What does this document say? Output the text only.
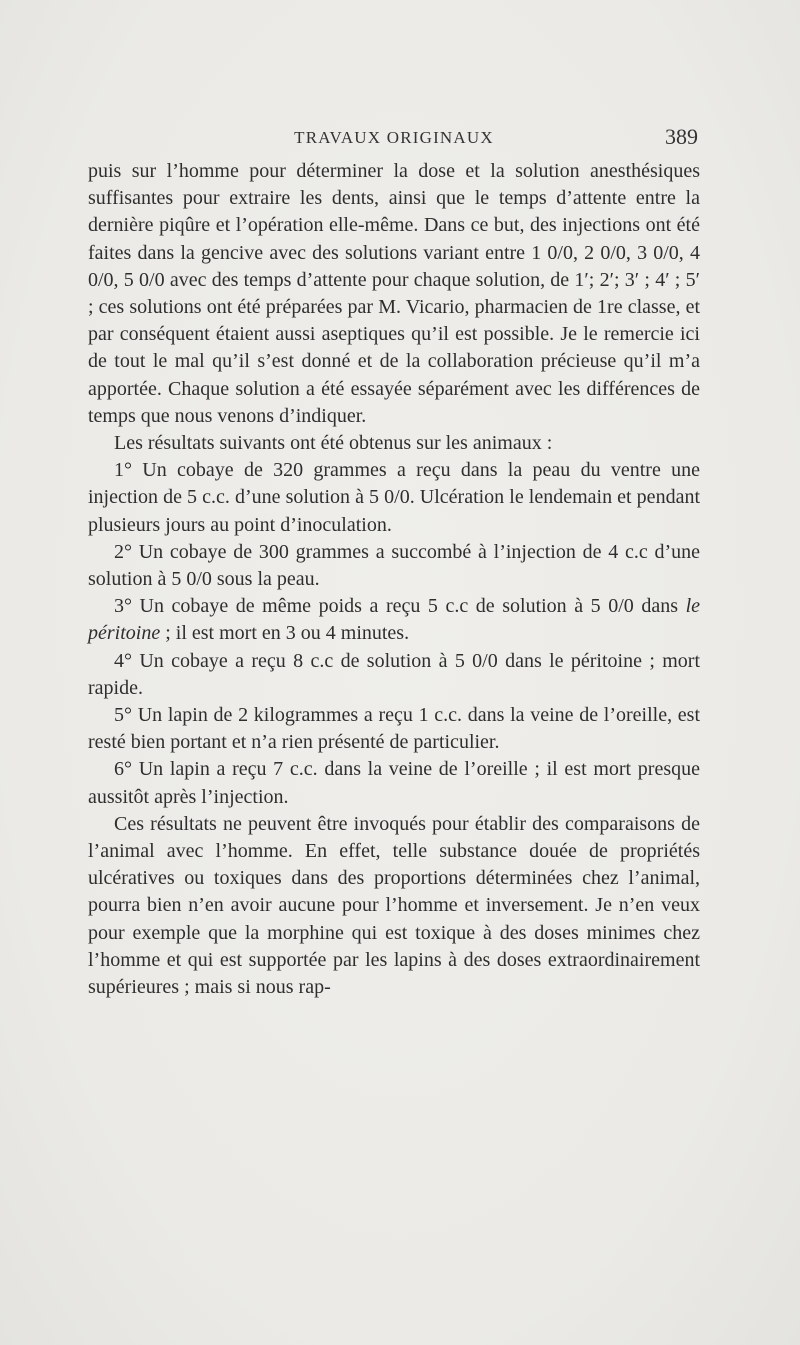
TRAVAUX ORIGINAUX	389

puis sur l’homme pour déterminer la dose et la solution anesthésiques suffisantes pour extraire les dents, ainsi que le temps d’attente entre la dernière piqûre et l’opération elle-même. Dans ce but, des injections ont été faites dans la gencive avec des solutions variant entre 1 0/0, 2 0/0, 3 0/0, 4 0/0, 5 0/0 avec des temps d’attente pour chaque solution, de 1′; 2′; 3′ ; 4′ ; 5′ ; ces solutions ont été préparées par M. Vicario, pharmacien de 1re classe, et par conséquent étaient aussi aseptiques qu’il est possible. Je le remercie ici de tout le mal qu’il s’est donné et de la collaboration précieuse qu’il m’a apportée. Chaque solution a été essayée séparément avec les différences de temps que nous venons d’indiquer.

Les résultats suivants ont été obtenus sur les animaux :

1° Un cobaye de 320 grammes a reçu dans la peau du ventre une injection de 5 c.c. d’une solution à 5 0/0. Ulcération le lendemain et pendant plusieurs jours au point d’inoculation.

2° Un cobaye de 300 grammes a succombé à l’injection de 4 c.c d’une solution à 5 0/0 sous la peau.

3° Un cobaye de même poids a reçu 5 c.c de solution à 5 0/0 dans le péritoine ; il est mort en 3 ou 4 minutes.

4° Un cobaye a reçu 8 c.c de solution à 5 0/0 dans le péritoine ; mort rapide.

5° Un lapin de 2 kilogrammes a reçu 1 c.c. dans la veine de l’oreille, est resté bien portant et n’a rien présenté de particulier.

6° Un lapin a reçu 7 c.c. dans la veine de l’oreille ; il est mort presque aussitôt après l’injection.

Ces résultats ne peuvent être invoqués pour établir des comparaisons de l’animal avec l’homme. En effet, telle substance douée de propriétés ulcératives ou toxiques dans des proportions déterminées chez l’animal, pourra bien n’en avoir aucune pour l’homme et inversement. Je n’en veux pour exemple que la morphine qui est toxique à des doses minimes chez l’homme et qui est supportée par les lapins à des doses extraordinairement supérieures ; mais si nous rap-
